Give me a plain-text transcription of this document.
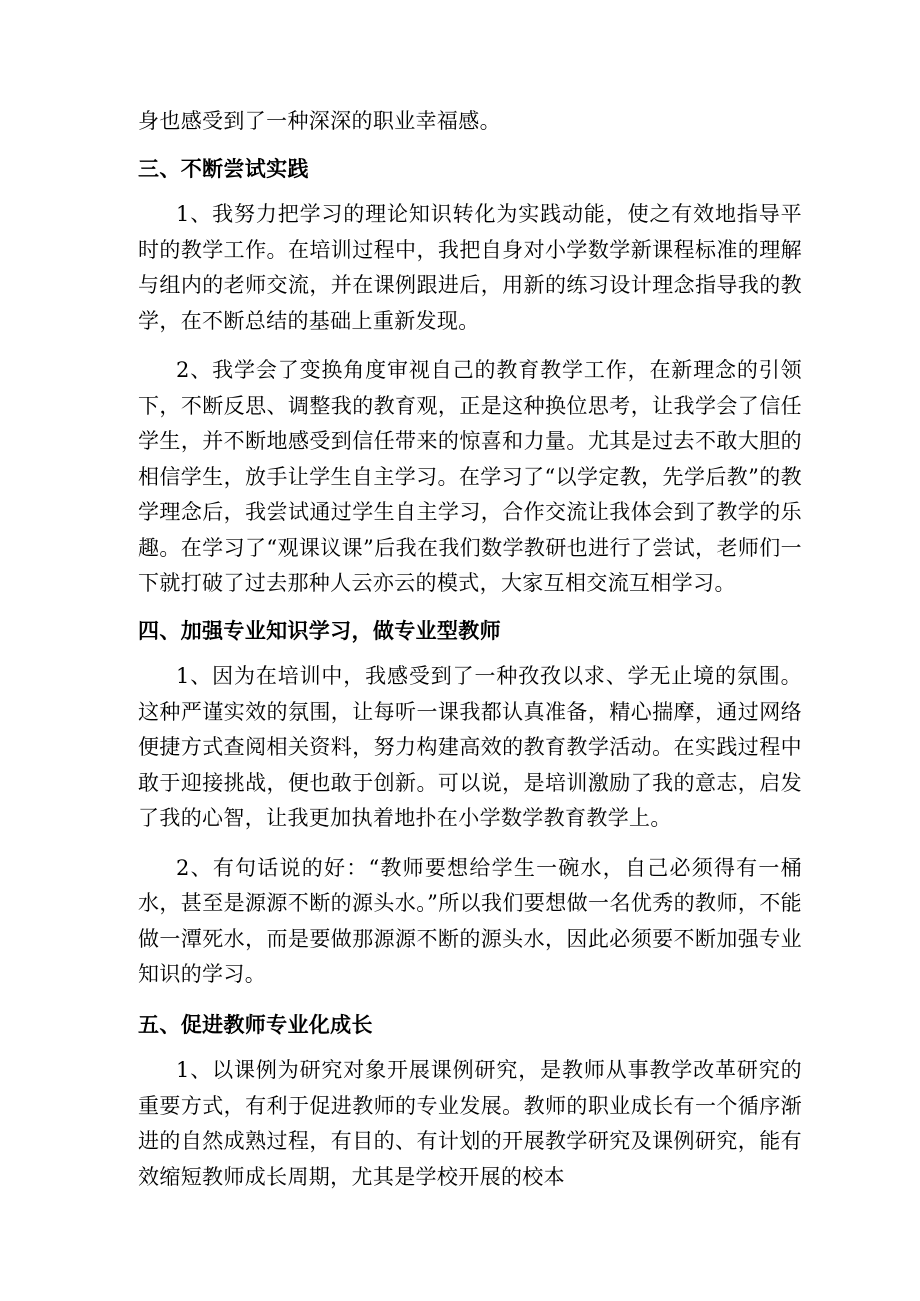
身也感受到了一种深深的职业幸福感。

三、不断尝试实践

1、我努力把学习的理论知识转化为实践动能，使之有效地指导平时的教学工作。在培训过程中，我把自身对小学数学新课程标准的理解与组内的老师交流，并在课例跟进后，用新的练习设计理念指导我的教学，在不断总结的基础上重新发现。

2、我学会了变换角度审视自己的教育教学工作，在新理念的引领下，不断反思、调整我的教育观，正是这种换位思考，让我学会了信任学生，并不断地感受到信任带来的惊喜和力量。尤其是过去不敢大胆的相信学生，放手让学生自主学习。在学习了“以学定教，先学后教”的教学理念后，我尝试通过学生自主学习，合作交流让我体会到了教学的乐趣。在学习了“观课议课”后我在我们数学教研也进行了尝试，老师们一下就打破了过去那种人云亦云的模式，大家互相交流互相学习。

四、加强专业知识学习，做专业型教师

1、因为在培训中，我感受到了一种孜孜以求、学无止境的氛围。这种严谨实效的氛围，让每听一课我都认真准备，精心揣摩，通过网络便捷方式查阅相关资料，努力构建高效的教育教学活动。在实践过程中敢于迎接挑战，便也敢于创新。可以说，是培训激励了我的意志，启发了我的心智，让我更加执着地扑在小学数学教育教学上。

2、有句话说的好：“教师要想给学生一碗水，自己必须得有一桶水，甚至是源源不断的源头水。”所以我们要想做一名优秀的教师，不能做一潭死水，而是要做那源源不断的源头水，因此必须要不断加强专业知识的学习。

五、促进教师专业化成长

1、以课例为研究对象开展课例研究，是教师从事教学改革研究的重要方式，有利于促进教师的专业发展。教师的职业成长有一个循序渐进的自然成熟过程，有目的、有计划的开展教学研究及课例研究，能有效缩短教师成长周期，尤其是学校开展的校本
